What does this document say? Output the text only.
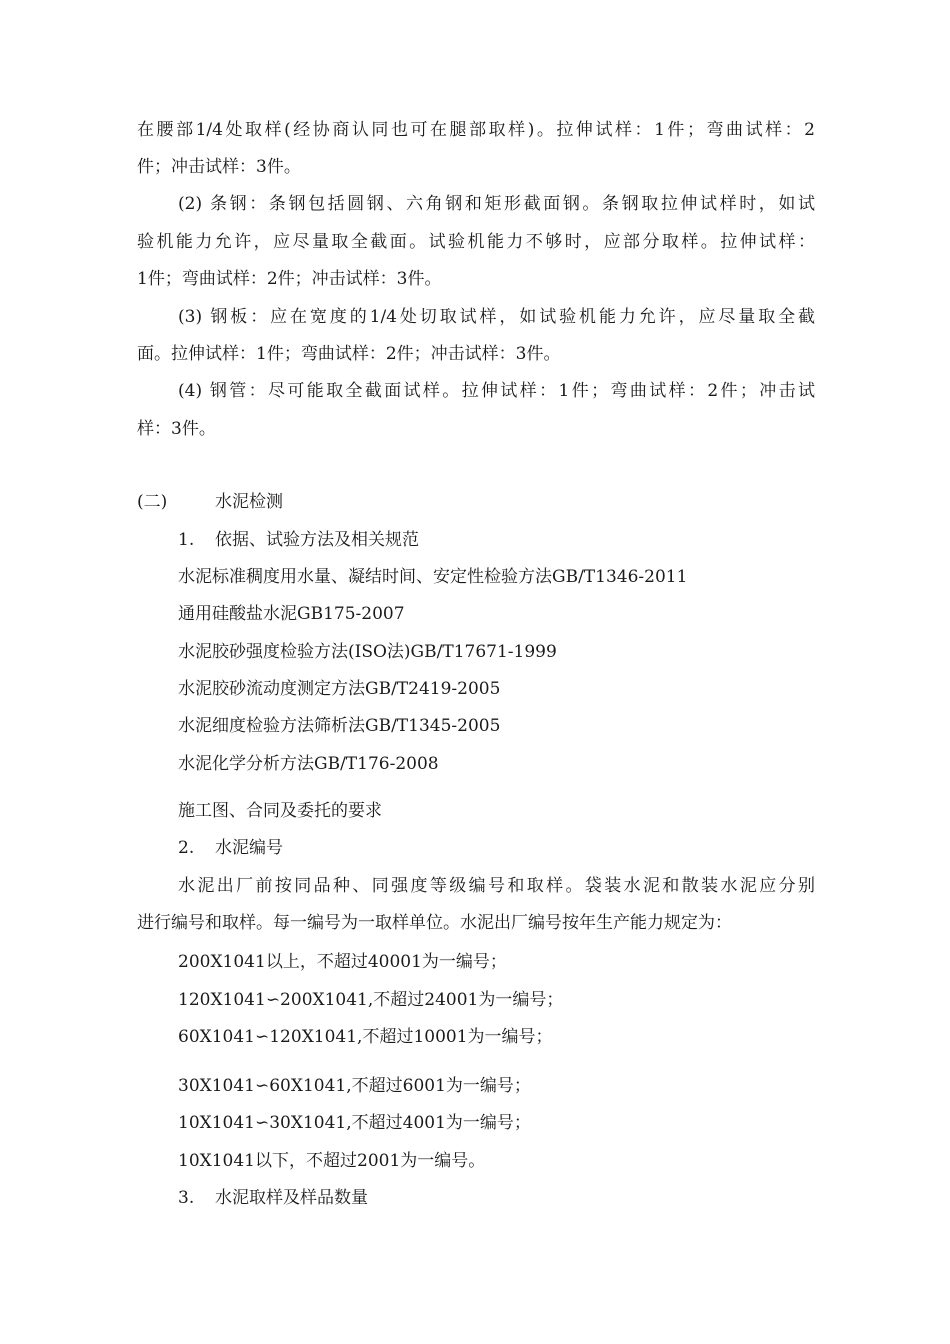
在腰部1/4处取样(经协商认同也可在腿部取样)。拉伸试样：1件；弯曲试样：2
件；冲击试样：3件。
(2) 条钢：条钢包括圆钢、六角钢和矩形截面钢。条钢取拉伸试样时，如试
验机能力允许，应尽量取全截面。试验机能力不够时，应部分取样。拉伸试样：
1件；弯曲试样：2件；冲击试样：3件。
(3) 钢板：应在宽度的1/4处切取试样，如试验机能力允许，应尽量取全截
面。拉伸试样：1件；弯曲试样：2件；冲击试样：3件。
(4) 钢管：尽可能取全截面试样。拉伸试样：1件；弯曲试样：2件；冲击试
样：3件。
(二)	水泥检测
1. 依据、试验方法及相关规范
水泥标准稠度用水量、凝结时间、安定性检验方法GB/T1346-2011
通用硅酸盐水泥GB175-2007
水泥胶砂强度检验方法(ISO法)GB/T17671-1999
水泥胶砂流动度测定方法GB/T2419-2005
水泥细度检验方法筛析法GB/T1345-2005
水泥化学分析方法GB/T176-2008
施工图、合同及委托的要求
2. 水泥编号
水泥出厂前按同品种、同强度等级编号和取样。袋装水泥和散装水泥应分别
进行编号和取样。每一编号为一取样单位。水泥出厂编号按年生产能力规定为：
200X1041以上，不超过40001为一编号；
120X1041∽200X1041,不超过24001为一编号；
60X1041∽120X1041,不超过10001为一编号；
30X1041∽60X1041,不超过6001为一编号；
10X1041∽30X1041,不超过4001为一编号；
10X1041以下，不超过2001为一编号。
3. 水泥取样及样品数量
